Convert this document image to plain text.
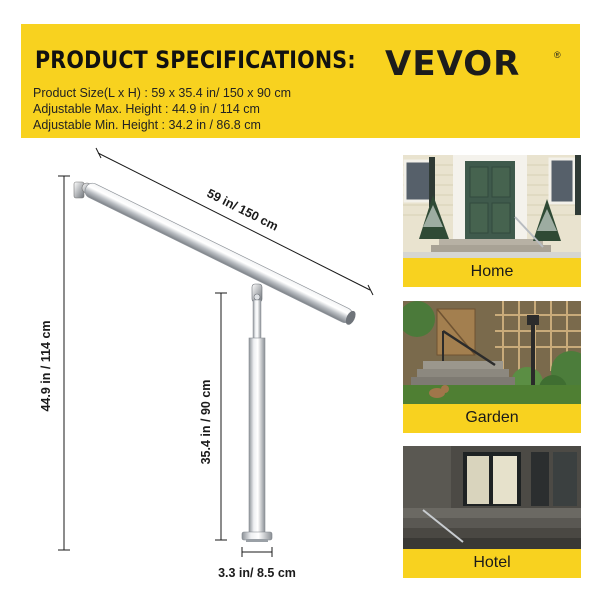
PRODUCT SPECIFICATIONS:
Product Size(L x H) : 59 x 35.4 in/ 150 x 90 cm
Adjustable Max. Height : 44.9 in / 114 cm
Adjustable Min. Height : 34.2 in / 86.8 cm
VEVOR	®
59 in/ 150 cm
44.9 in / 114 cm
35.4 in / 90 cm
3.3 in/ 8.5 cm
Home
Garden
Hotel
